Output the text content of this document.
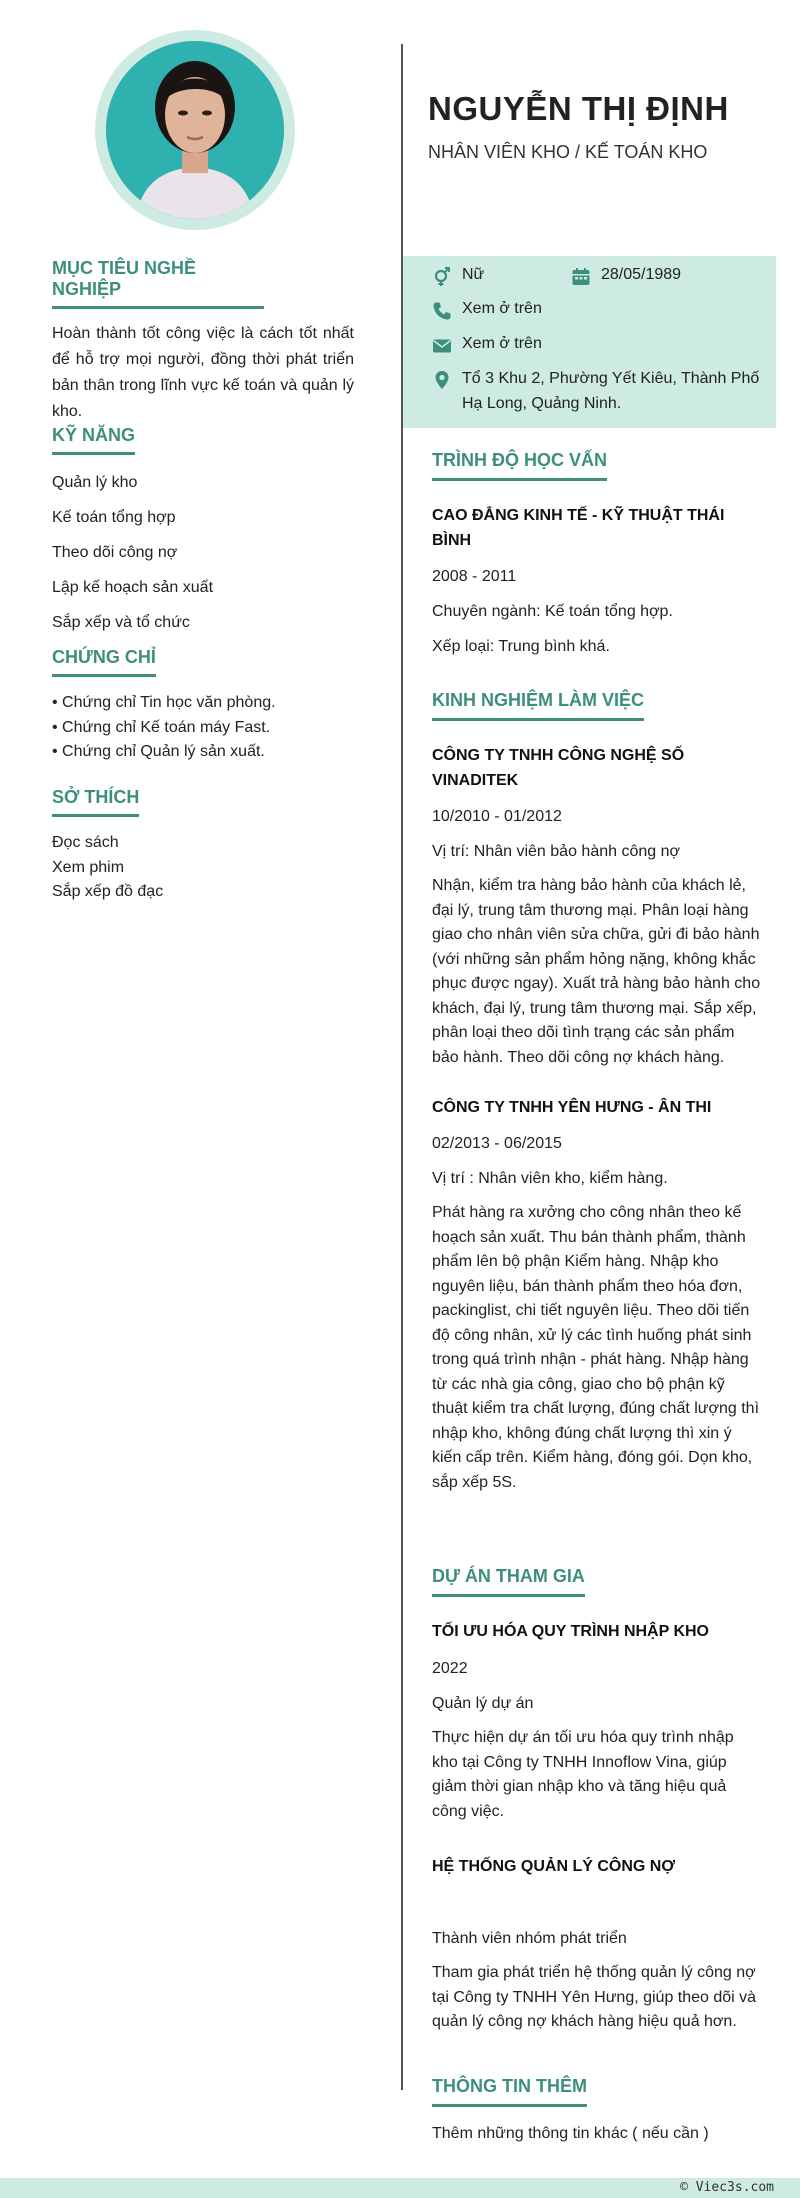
MỤC TIÊU NGHỀ NGHIỆP
Hoàn thành tốt công việc là cách tốt nhất để hỗ trợ mọi người, đồng thời phát triển bản thân trong lĩnh vực kế toán và quản lý kho.
KỸ NĂNG
Quản lý kho
Kế toán tổng hợp
Theo dõi công nợ
Lập kế hoạch sản xuất
Sắp xếp và tổ chức
CHỨNG CHỈ
• Chứng chỉ Tin học văn phòng.
• Chứng chỉ Kế toán máy Fast.
• Chứng chỉ Quản lý sản xuất.
SỞ THÍCH
Đọc sách
Xem phim
Sắp xếp đồ đạc
NGUYỄN THỊ ĐỊNH
NHÂN VIÊN KHO / KẾ TOÁN KHO
Nữ	28/05/1989
Xem ở trên
Xem ở trên
Tổ 3 Khu 2, Phường Yết Kiêu, Thành Phố Hạ Long, Quảng Ninh.
TRÌNH ĐỘ HỌC VẤN
CAO ĐẲNG KINH TẾ - KỸ THUẬT THÁI BÌNH
2008 - 2011
Chuyên ngành: Kế toán tổng hợp.
Xếp loại: Trung bình khá.
KINH NGHIỆM LÀM VIỆC
CÔNG TY TNHH CÔNG NGHỆ SỐ VINADITEK
10/2010 - 01/2012
Vị trí: Nhân viên bảo hành công nợ
Nhận, kiểm tra hàng bảo hành của khách lẻ, đại lý, trung tâm thương mại. Phân loại hàng giao cho nhân viên sửa chữa, gửi đi bảo hành (với những sản phẩm hỏng nặng, không khắc phục được ngay). Xuất trả hàng bảo hành cho khách, đại lý, trung tâm thương mại. Sắp xếp, phân loại theo dõi tình trạng các sản phẩm bảo hành. Theo dõi công nợ khách hàng.
CÔNG TY TNHH YÊN HƯNG - ÂN THI
02/2013 - 06/2015
Vị trí : Nhân viên kho, kiểm hàng.
Phát hàng ra xưởng cho công nhân theo kế hoạch sản xuất. Thu bán thành phẩm, thành phẩm lên bộ phận Kiểm hàng. Nhập kho nguyên liệu, bán thành phẩm theo hóa đơn, packinglist, chi tiết nguyên liệu. Theo dõi tiến độ công nhân, xử lý các tình huống phát sinh trong quá trình nhận - phát hàng. Nhập hàng từ các nhà gia công, giao cho bộ phận kỹ thuật kiểm tra chất lượng, đúng chất lượng thì nhập kho, không đúng chất lượng thì xin ý kiến cấp trên. Kiểm hàng, đóng gói. Dọn kho, sắp xếp 5S.
DỰ ÁN THAM GIA
TỐI ƯU HÓA QUY TRÌNH NHẬP KHO
2022
Quản lý dự án
Thực hiện dự án tối ưu hóa quy trình nhập kho tại Công ty TNHH Innoflow Vina, giúp giảm thời gian nhập kho và tăng hiệu quả công việc.
HỆ THỐNG QUẢN LÝ CÔNG NỢ
Thành viên nhóm phát triển
Tham gia phát triển hệ thống quản lý công nợ tại Công ty TNHH Yên Hưng, giúp theo dõi và quản lý công nợ khách hàng hiệu quả hơn.
THÔNG TIN THÊM
Thêm những thông tin khác ( nếu cần )
© Viec3s.com
